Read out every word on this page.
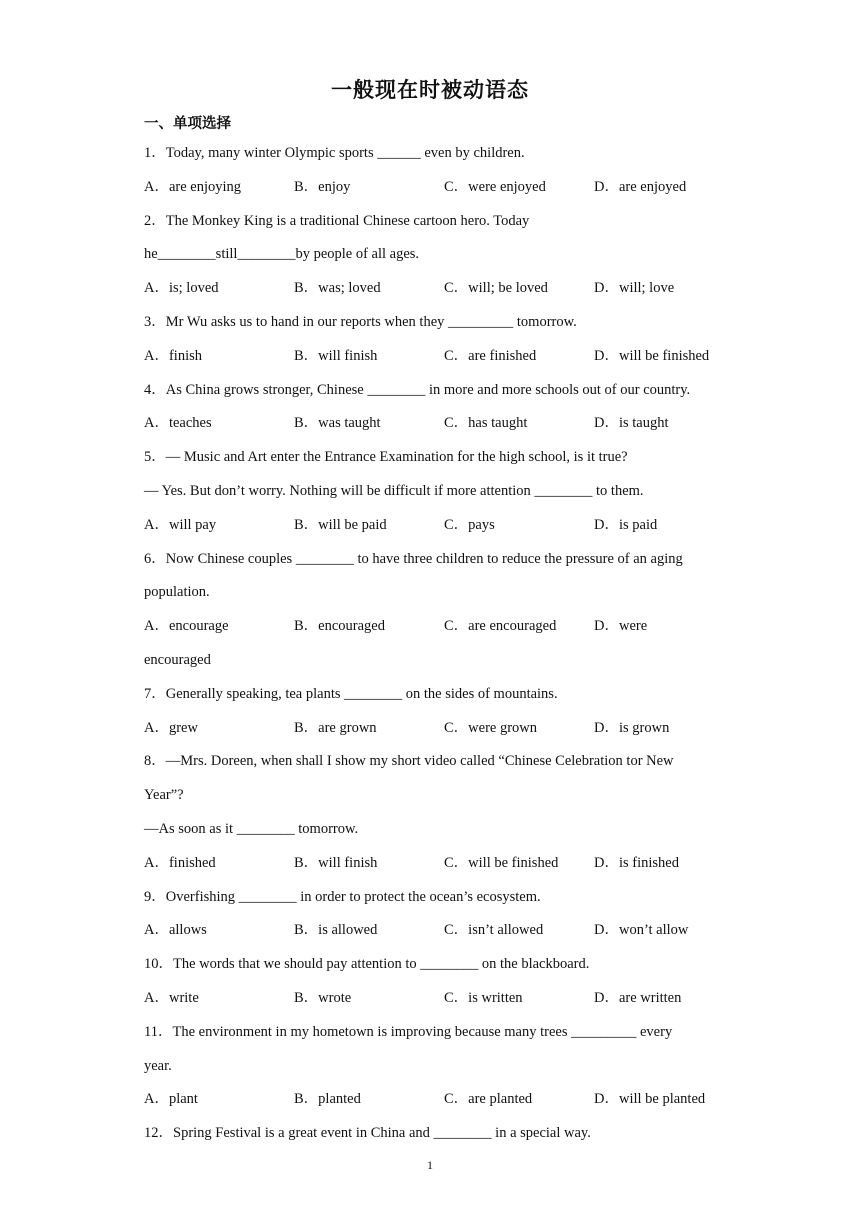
一般现在时被动语态
一、单项选择
1．Today, many winter Olympic sports ______ even by children.
A．are enjoying	B．enjoy	C．were enjoyed	D．are enjoyed
2．The Monkey King is a traditional Chinese cartoon hero. Today
he________still________by people of all ages.
A．is; loved	B．was; loved	C．will; be loved	D．will; love
3．Mr Wu asks us to hand in our reports when they _________ tomorrow.
A．finish	B．will finish	C．are finished	D．will be finished
4．As China grows stronger, Chinese ________ in more and more schools out of our country.
A．teaches	B．was taught	C．has taught	D．is taught
5．— Music and Art enter the Entrance Examination for the high school, is it true?
— Yes. But don’t worry. Nothing will be difficult if more attention ________ to them.
A．will pay	B．will be paid	C．pays	D．is paid
6．Now Chinese couples ________ to have three children to reduce the pressure of an aging
population.
A．encourage	B．encouraged	C．are encouraged	D．were
encouraged
7．Generally speaking, tea plants ________ on the sides of mountains.
A．grew	B．are grown	C．were grown	D．is grown
8．—Mrs. Doreen, when shall I show my short video called “Chinese Celebration tor New
Year”?
—As soon as it ________ tomorrow.
A．finished	B．will finish	C．will be finished	D．is finished
9．Overfishing ________ in order to protect the ocean’s ecosystem.
A．allows	B．is allowed	C．isn’t allowed	D．won’t allow
10．The words that we should pay attention to ________ on the blackboard.
A．write	B．wrote	C．is written	D．are written
11．The environment in my hometown is improving because many trees _________ every
year.
A．plant	B．planted	C．are planted	D．will be planted
12．Spring Festival is a great event in China and ________ in a special way.
1
